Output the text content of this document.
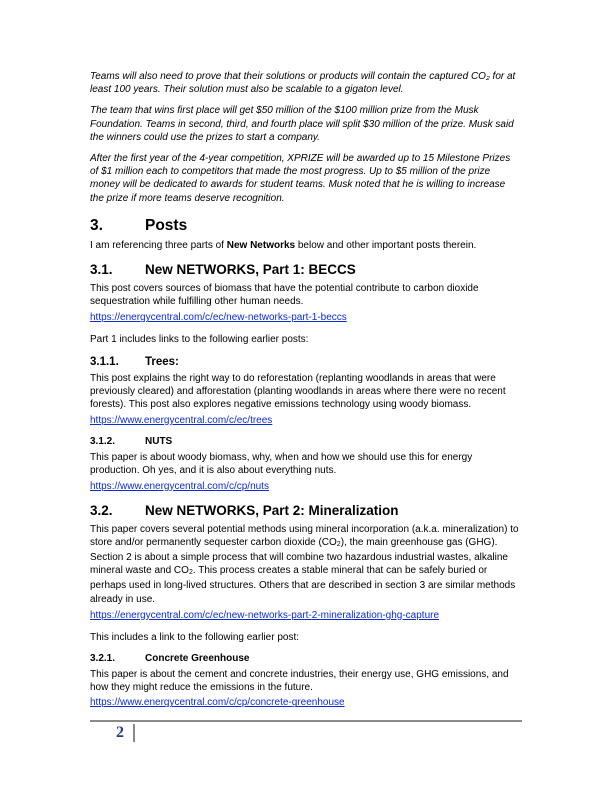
Teams will also need to prove that their solutions or products will contain the captured CO₂ for at least 100 years. Their solution must also be scalable to a gigaton level.

The team that wins first place will get $50 million of the $100 million prize from the Musk Foundation. Teams in second, third, and fourth place will split $30 million of the prize. Musk said the winners could use the prizes to start a company.

After the first year of the 4-year competition, XPRIZE will be awarded up to 15 Milestone Prizes of $1 million each to competitors that made the most progress. Up to $5 million of the prize money will be dedicated to awards for student teams. Musk noted that he is willing to increase the prize if more teams deserve recognition.

3.	Posts

I am referencing three parts of New Networks below and other important posts therein.

3.1.	New NETWORKS, Part 1: BECCS

This post covers sources of biomass that have the potential contribute to carbon dioxide sequestration while fulfilling other human needs.

https://energycentral.com/c/ec/new-networks-part-1-beccs

Part 1 includes links to the following earlier posts:

3.1.1.	Trees:

This post explains the right way to do reforestation (replanting woodlands in areas that were previously cleared) and afforestation (planting woodlands in areas where there were no recent forests). This post also explores negative emissions technology using woody biomass.

https://www.energycentral.com/c/ec/trees
3.1.2.	NUTS

This paper is about woody biomass, why, when and how we should use this for energy production. Oh yes, and it is also about everything nuts.

https://www.energycentral.com/c/cp/nuts
3.2.	New NETWORKS, Part 2: Mineralization

This paper covers several potential methods using mineral incorporation (a.k.a. mineralization) to store and/or permanently sequester carbon dioxide $(CO_2)$, the main greenhouse gas (GHG). Section 2 is about a simple process that will combine two hazardous industrial wastes, alkaline mineral waste and $CO_2$. This process creates a stable mineral that can be safely buried or perhaps used in long-lived structures. Others that are described in section 3 are similar methods already in use.

https://energycentral.com/c/ec/new-networks-part-2-mineralization-ghg-capture

This includes a link to the following earlier post:

3.2.1.	Concrete Greenhouse

This paper is about the cement and concrete industries, their energy use, GHG emissions, and how they might reduce the emissions in the future.

https://www.energycentral.com/c/cp/concrete-greenhouse
2
